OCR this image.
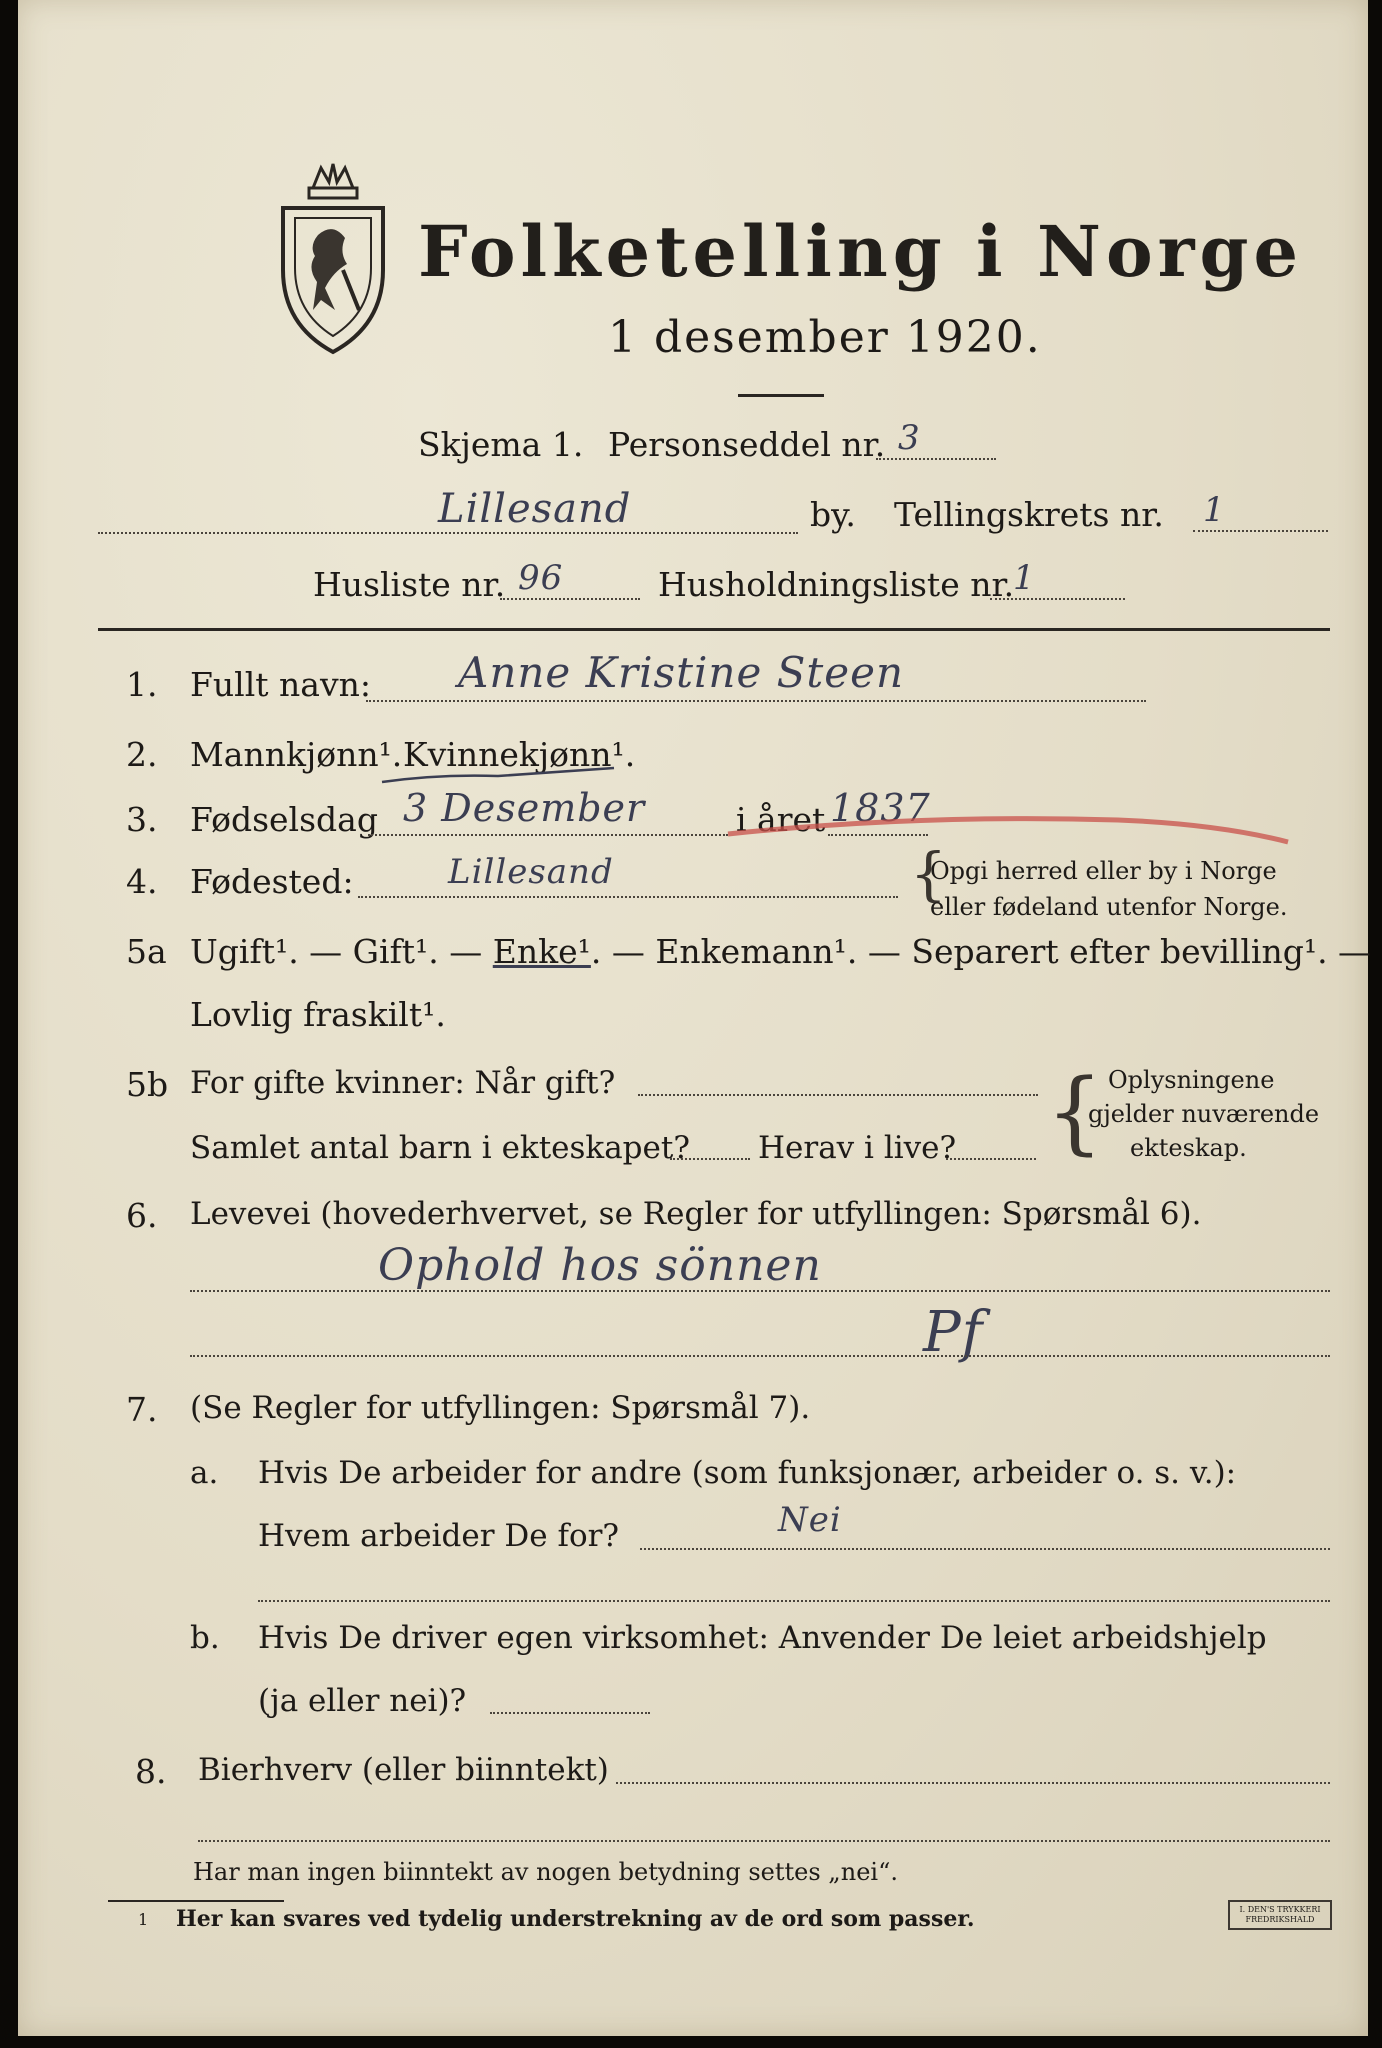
Folketelling i Norge
1 desember 1920.
Skjema 1. Personseddel nr. 3
Lillesand	by. Tellingskrets nr. 1
Husliste nr. 96	Husholdningsliste nr.
1
1. Fullt navn: Anne Kristine Steen
2. Mannkjønn¹. Kvinnekjønn¹.
3. Fødselsdag 3 Desember	i året 1837
4. Fødested:	Lillesand	{
Opgi herred eller by i Norge
eller fødeland utenfor Norge.
5a Ugift¹. — Gift¹. — Enke¹. — Enkemann¹. — Separert efter bevilling¹. —
Lovlig fraskilt¹.
5b For gifte kvinner: Når gift?
Samlet antal barn i ekteskapet? Herav i live? { Oplysningene
gjelder nuværende
ekteskap.
6. Levevei (hovederhvervet, se Regler for utfyllingen: Spørsmål 6).
Ophold hos sönnen
Pf
7. (Se Regler for utfyllingen: Spørsmål 7).
a. Hvis De arbeider for andre (som funksjonær, arbeider o. s. v.):
Hvem arbeider De for?	Nei
b. Hvis De driver egen virksomhet: Anvender De leiet arbeidshjelp
(ja eller nei)?
8. Bierhverv (eller biinntekt)
Har man ingen biinntekt av nogen betydning settes „nei“.
1 Her kan svares ved tydelig understrekning av de ord som passer.	I. DEN'S TRYKKERI
FREDRIKSHALD
